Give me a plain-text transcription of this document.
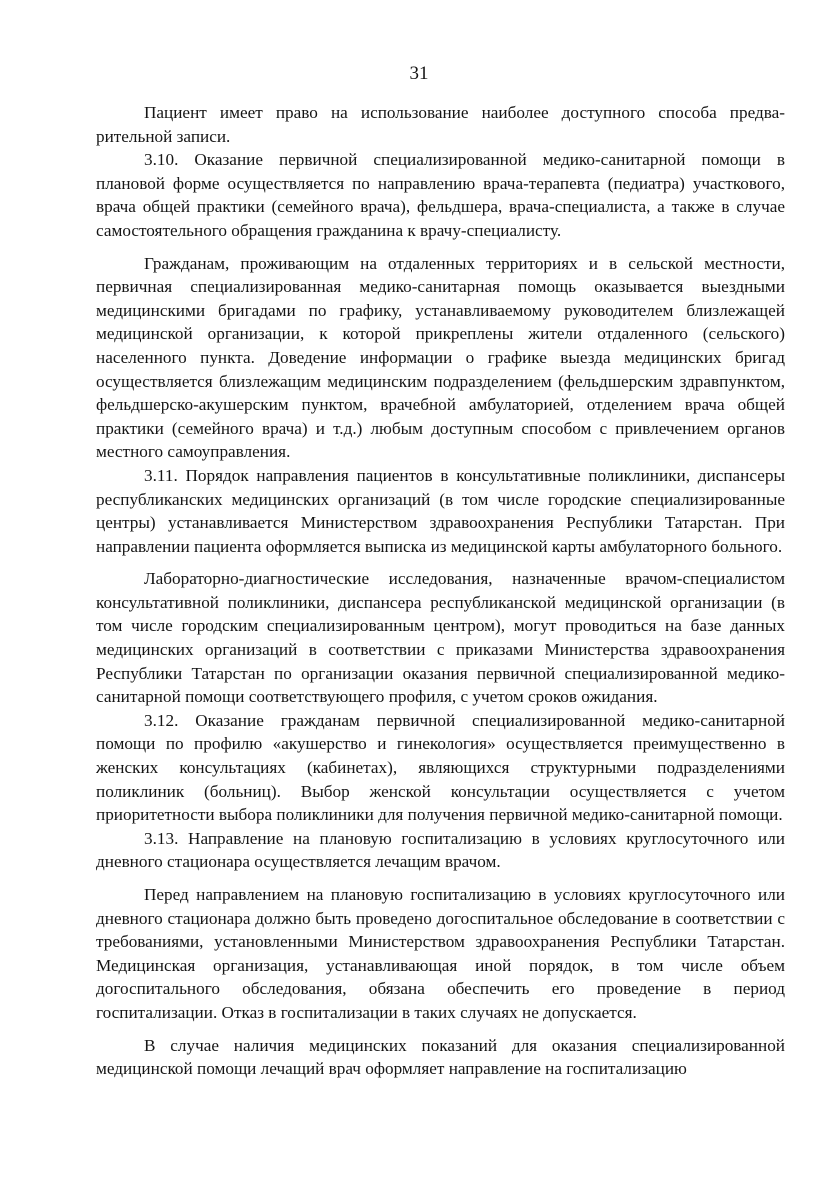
31

Пациент имеет право на использование наиболее доступного способа предварительной записи.

3.10. Оказание первичной специализированной медико-санитарной помощи в плановой форме осуществляется по направлению врача-терапевта (педиатра) участкового, врача общей практики (семейного врача), фельдшера, врача-специалиста, а также в случае самостоятельного обращения гражданина к врачу-специалисту.

Гражданам, проживающим на отдаленных территориях и в сельской местности, первичная специализированная медико-санитарная помощь оказывается выездными медицинскими бригадами по графику, устанавливаемому руководителем близлежащей медицинской организации, к которой прикреплены жители отдаленного (сельского) населенного пункта. Доведение информации о графике выезда медицинских бригад осуществляется близлежащим медицинским подразделением (фельдшерским здравпунктом, фельдшерско-акушерским пунктом, врачебной амбулаторией, отделением врача общей практики (семейного врача) и т.д.) любым доступным способом с привлечением органов местного самоуправления.

3.11. Порядок направления пациентов в консультативные поликлиники, диспансеры республиканских медицинских организаций (в том числе городские специализированные центры) устанавливается Министерством здравоохранения Республики Татарстан. При направлении пациента оформляется выписка из медицинской карты амбулаторного больного.

Лабораторно-диагностические исследования, назначенные врачом-специалистом консультативной поликлиники, диспансера республиканской медицинской организации (в том числе городским специализированным центром), могут проводиться на базе данных медицинских организаций в соответствии с приказами Министерства здравоохранения Республики Татарстан по организации оказания первичной специализированной медико-санитарной помощи соответствующего профиля, с учетом сроков ожидания.

3.12. Оказание гражданам первичной специализированной медико-санитарной помощи по профилю «акушерство и гинекология» осуществляется преимущественно в женских консультациях (кабинетах), являющихся структурными подразделениями поликлиник (больниц). Выбор женской консультации осуществляется с учетом приоритетности выбора поликлиники для получения первичной медико-санитарной помощи.

3.13. Направление на плановую госпитализацию в условиях круглосуточного или дневного стационара осуществляется лечащим врачом.

Перед направлением на плановую госпитализацию в условиях круглосуточного или дневного стационара должно быть проведено догоспитальное обследование в соответствии с требованиями, установленными Министерством здравоохранения Республики Татарстан. Медицинская организация, устанавливающая иной порядок, в том числе объем догоспитального обследования, обязана обеспечить его проведение в период госпитализации. Отказ в госпитализации в таких случаях не допускается.

В случае наличия медицинских показаний для оказания специализированной медицинской помощи лечащий врач оформляет направление на госпитализацию
